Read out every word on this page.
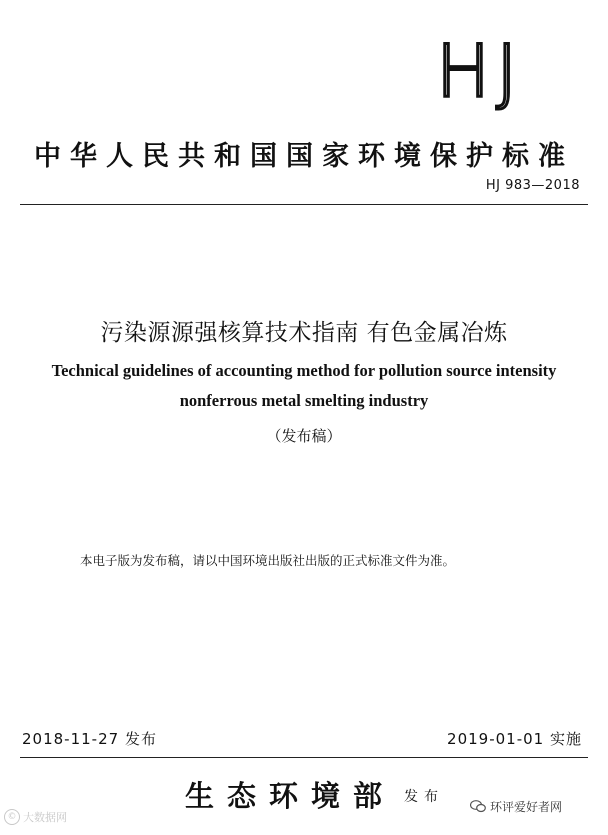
HJ
中华人民共和国国家环境保护标准
HJ 983—2018
污染源源强核算技术指南 有色金属冶炼
Technical guidelines of accounting method for pollution source intensity
nonferrous metal smelting industry
（发布稿）
本电子版为发布稿，请以中国环境出版社出版的正式标准文件为准。
2018-11-27 发布	2019-01-01 实施
生态环境部 发布
© 大数据网
环评爱好者网
